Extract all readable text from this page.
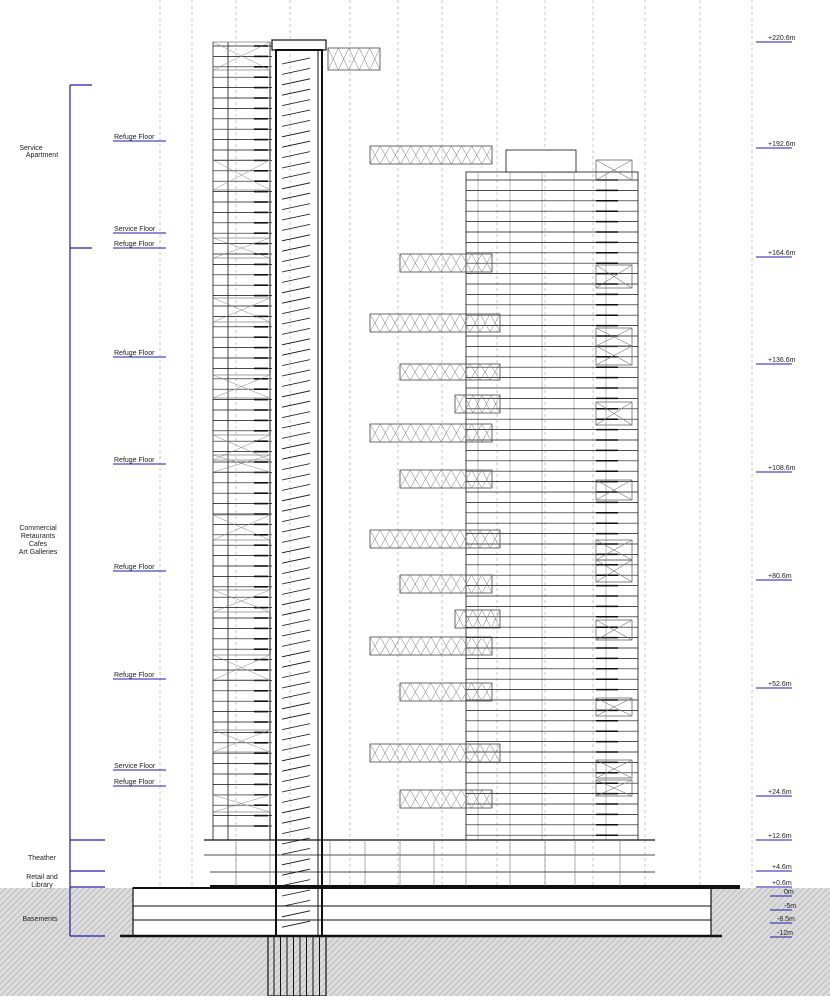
Service
Apartment
Commercial
Retaurants
Cafes
Art Galleries
Theather
Retail and
Library
Basements
Refuge Floor
Service Floor
Refuge Floor
Refuge Floor
Refuge Floor
Refuge Floor
Refuge Floor
Service Floor
Refuge Floor
+220.6m
+192.6m
+164.6m
+136.6m
+108.6m
+80.6m
+52.6m
+24.6m
+12.6m
+4.6m
+0.6m
0m
-5m
-8.5m
-12m
